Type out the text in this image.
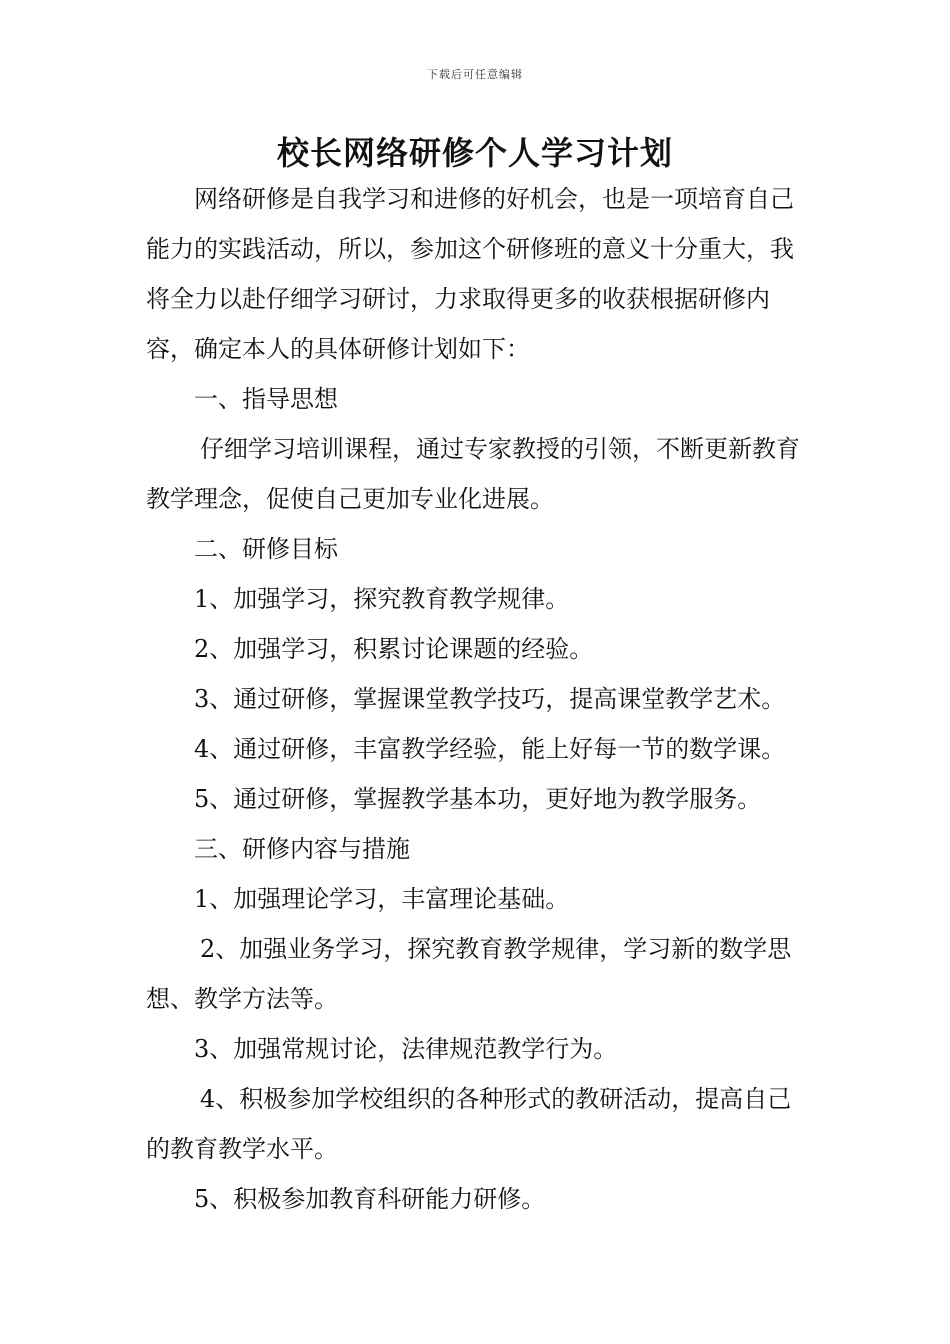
下载后可任意编辑
校长网络研修个人学习计划

网络研修是自我学习和进修的好机会，也是一项培育自己能力的实践活动，所以，参加这个研修班的意义十分重大，我将全力以赴仔细学习研讨，力求取得更多的收获根据研修内容，确定本人的具体研修计划如下：

一、指导思想

仔细学习培训课程，通过专家教授的引领，不断更新教育教学理念，促使自己更加专业化进展。

二、研修目标

1、加强学习，探究教育教学规律。

2、加强学习，积累讨论课题的经验。

3、通过研修，掌握课堂教学技巧，提高课堂教学艺术。

4、通过研修，丰富教学经验，能上好每一节的数学课。

5、通过研修，掌握教学基本功，更好地为教学服务。

三、研修内容与措施

1、加强理论学习，丰富理论基础。

2、加强业务学习，探究教育教学规律，学习新的数学思想、教学方法等。

3、加强常规讨论，法律规范教学行为。

4、积极参加学校组织的各种形式的教研活动，提高自己的教育教学水平。

5、积极参加教育科研能力研修。
